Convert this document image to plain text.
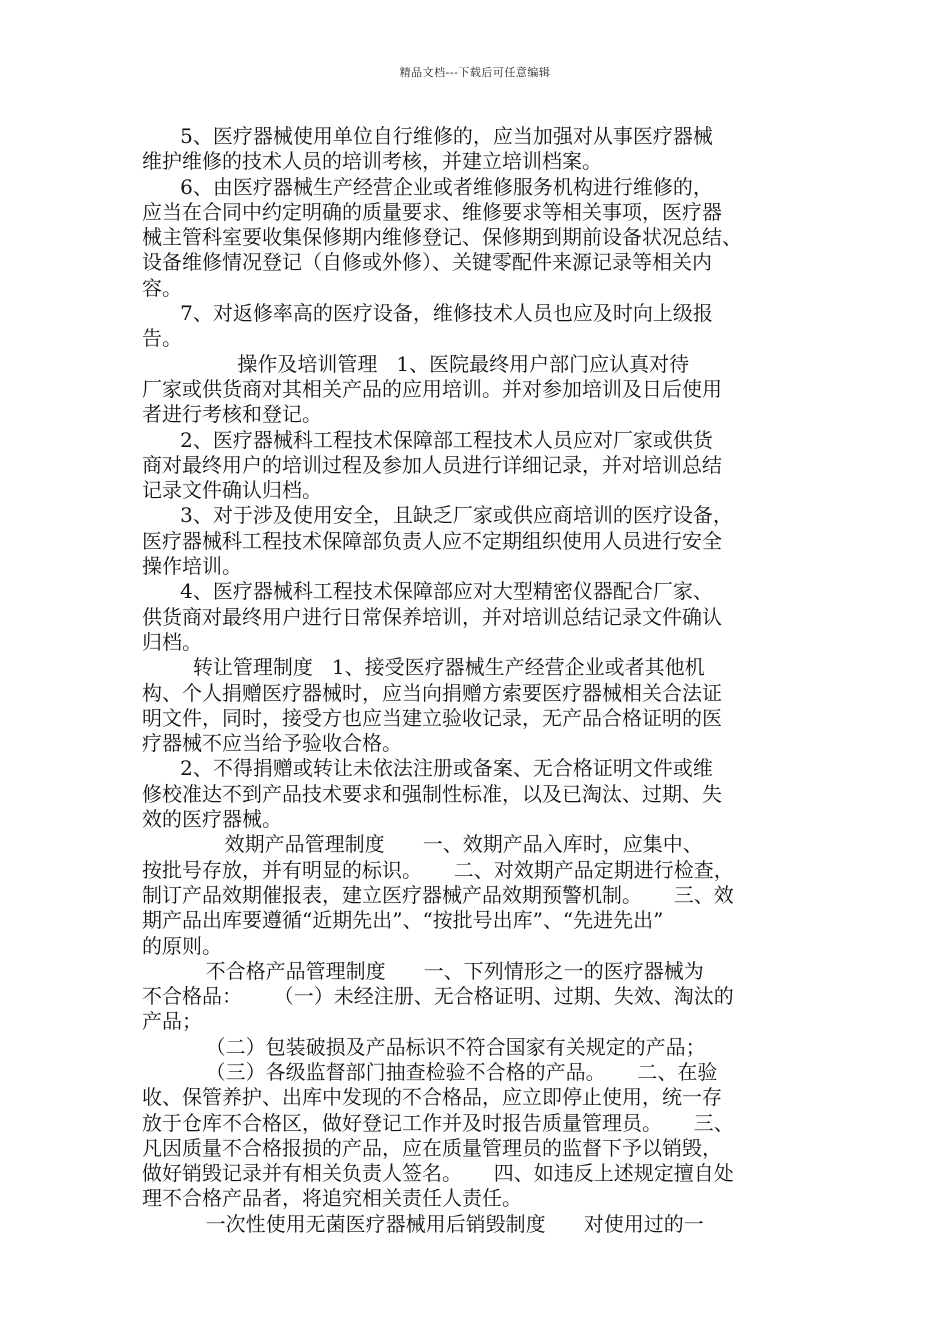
精品文档---下载后可任意编辑
5、医疗器械使用单位自行维修的，应当加强对从事医疗器械
维护维修的技术人员的培训考核，并建立培训档案。
6、由医疗器械生产经营企业或者维修服务机构进行维修的，
应当在合同中约定明确的质量要求、维修要求等相关事项，医疗器
械主管科室要收集保修期内维修登记、保修期到期前设备状况总结、
设备维修情况登记（自修或外修）、关键零配件来源记录等相关内
容。
7、对返修率高的医疗设备，维修技术人员也应及时向上级报
告。
操作及培训管理   1、医院最终用户部门应认真对待
厂家或供货商对其相关产品的应用培训。并对参加培训及日后使用
者进行考核和登记。
2、医疗器械科工程技术保障部工程技术人员应对厂家或供货
商对最终用户的培训过程及参加人员进行详细记录，并对培训总结
记录文件确认归档。
3、对于涉及使用安全，且缺乏厂家或供应商培训的医疗设备，
医疗器械科工程技术保障部负责人应不定期组织使用人员进行安全
操作培训。
4、医疗器械科工程技术保障部应对大型精密仪器配合厂家、
供货商对最终用户进行日常保养培训，并对培训总结记录文件确认
归档。
转让管理制度   1、接受医疗器械生产经营企业或者其他机
构、个人捐赠医疗器械时，应当向捐赠方索要医疗器械相关合法证
明文件，同时，接受方也应当建立验收记录，无产品合格证明的医
疗器械不应当给予验收合格。
2、不得捐赠或转让未依法注册或备案、无合格证明文件或维
修校准达不到产品技术要求和强制性标准，以及已淘汰、过期、失
效的医疗器械。
效期产品管理制度      一、效期产品入库时，应集中、
按批号存放，并有明显的标识。     二、对效期产品定期进行检查，
制订产品效期催报表，建立医疗器械产品效期预警机制。     三、效
期产品出库要遵循“近期先出”、“按批号出库”、“先进先出”
的原则。
不合格产品管理制度      一、下列情形之一的医疗器械为
不合格品：     （一）未经注册、无合格证明、过期、失效、淘汰的
产品；
（二）包装破损及产品标识不符合国家有关规定的产品；
（三）各级监督部门抽查检验不合格的产品。     二、在验
收、保管养护、出库中发现的不合格品，应立即停止使用，统一存
放于仓库不合格区，做好登记工作并及时报告质量管理员。     三、
凡因质量不合格报损的产品，应在质量管理员的监督下予以销毁，
做好销毁记录并有相关负责人签名。     四、如违反上述规定擅自处
理不合格产品者，将追究相关责任人责任。
一次性使用无菌医疗器械用后销毁制度      对使用过的一
